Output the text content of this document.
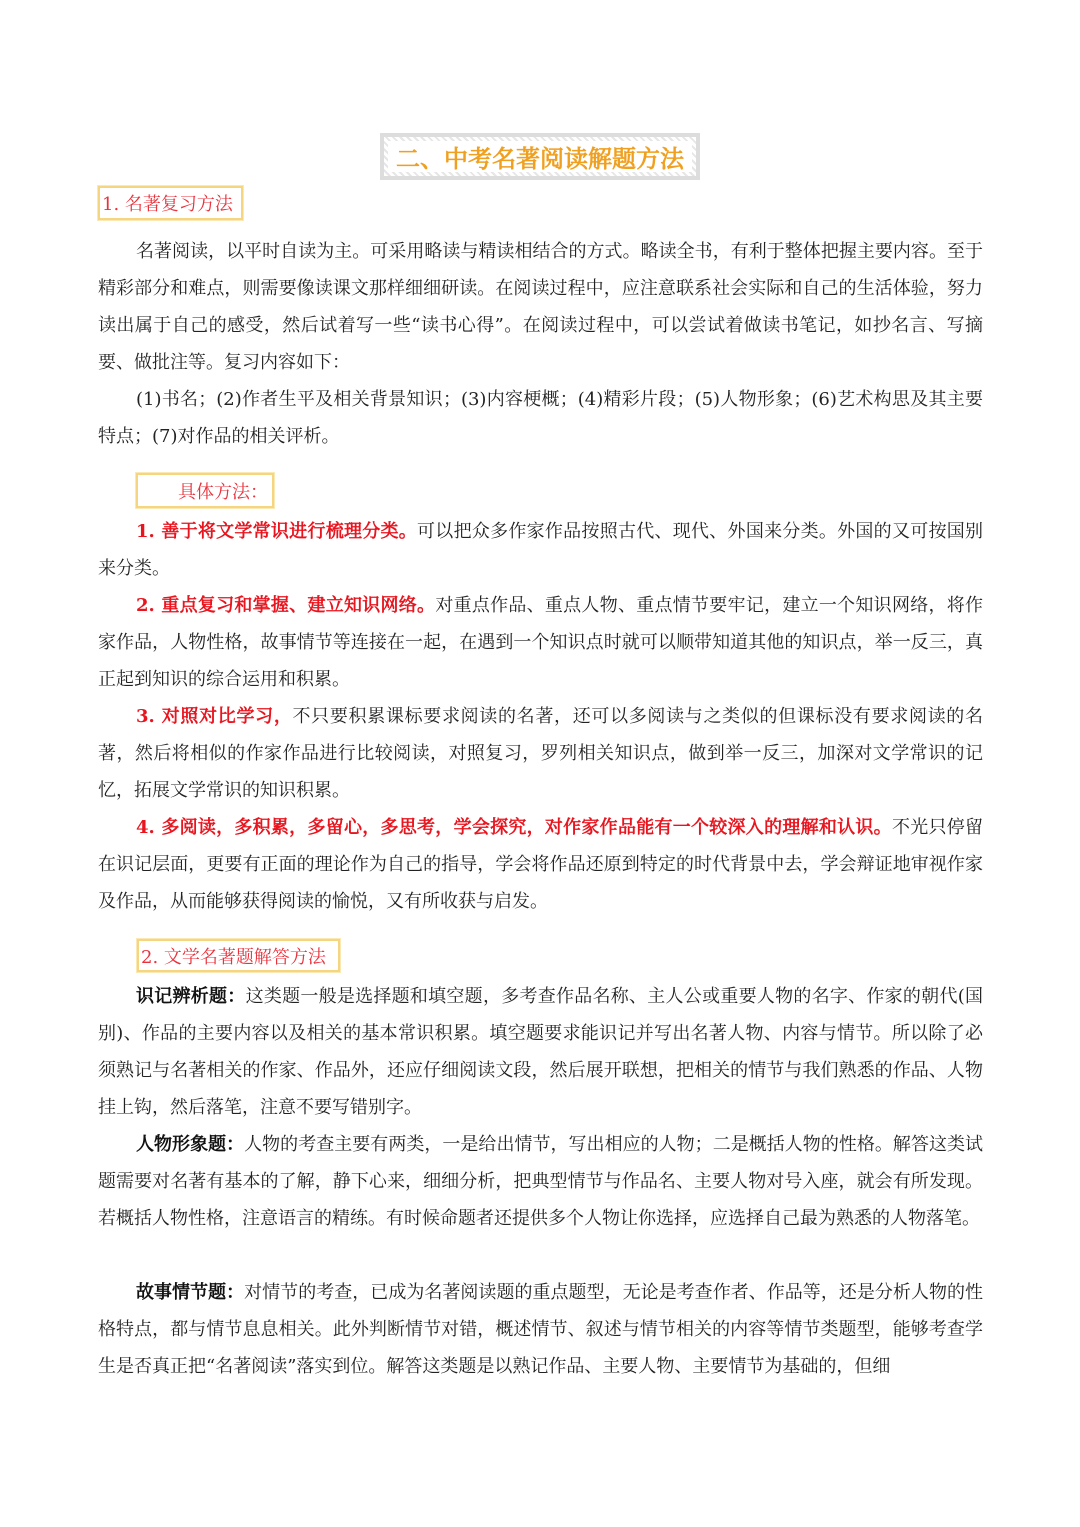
二、中考名著阅读解题方法
1. 名著复习方法
名著阅读，以平时自读为主。可采用略读与精读相结合的方式。略读全书，有利于整体把握主要内容。至于精彩部分和难点，则需要像读课文那样细细研读。在阅读过程中，应注意联系社会实际和自己的生活体验，努力读出属于自己的感受，然后试着写一些“读书心得”。在阅读过程中，可以尝试着做读书笔记，如抄名言、写摘要、做批注等。复习内容如下：
(1)书名；(2)作者生平及相关背景知识；(3)内容梗概；(4)精彩片段；(5)人物形象；(6)艺术构思及其主要特点；(7)对作品的相关评析。
具体方法：
1. 善于将文学常识进行梳理分类。可以把众多作家作品按照古代、现代、外国来分类。外国的又可按国别来分类。
2. 重点复习和掌握、建立知识网络。对重点作品、重点人物、重点情节要牢记，建立一个知识网络，将作家作品，人物性格，故事情节等连接在一起，在遇到一个知识点时就可以顺带知道其他的知识点，举一反三，真正起到知识的综合运用和积累。
3. 对照对比学习，不只要积累课标要求阅读的名著，还可以多阅读与之类似的但课标没有要求阅读的名著，然后将相似的作家作品进行比较阅读，对照复习，罗列相关知识点，做到举一反三，加深对文学常识的记忆，拓展文学常识的知识积累。
4. 多阅读，多积累，多留心，多思考，学会探究，对作家作品能有一个较深入的理解和认识。不光只停留在识记层面，更要有正面的理论作为自己的指导，学会将作品还原到特定的时代背景中去，学会辩证地审视作家及作品，从而能够获得阅读的愉悦，又有所收获与启发。
2. 文学名著题解答方法
识记辨析题：这类题一般是选择题和填空题，多考查作品名称、主人公或重要人物的名字、作家的朝代(国别)、作品的主要内容以及相关的基本常识积累。填空题要求能识记并写出名著人物、内容与情节。所以除了必须熟记与名著相关的作家、作品外，还应仔细阅读文段，然后展开联想，把相关的情节与我们熟悉的作品、人物挂上钩，然后落笔，注意不要写错别字。
人物形象题：人物的考查主要有两类，一是给出情节，写出相应的人物；二是概括人物的性格。解答这类试题需要对名著有基本的了解，静下心来，细细分析，把典型情节与作品名、主要人物对号入座，就会有所发现。若概括人物性格，注意语言的精练。有时候命题者还提供多个人物让你选择，应选择自己最为熟悉的人物落笔。
故事情节题：对情节的考查，已成为名著阅读题的重点题型，无论是考查作者、作品等，还是分析人物的性格特点，都与情节息息相关。此外判断情节对错，概述情节、叙述与情节相关的内容等情节类题型，能够考查学生是否真正把“名著阅读”落实到位。解答这类题是以熟记作品、主要人物、主要情节为基础的，但细
